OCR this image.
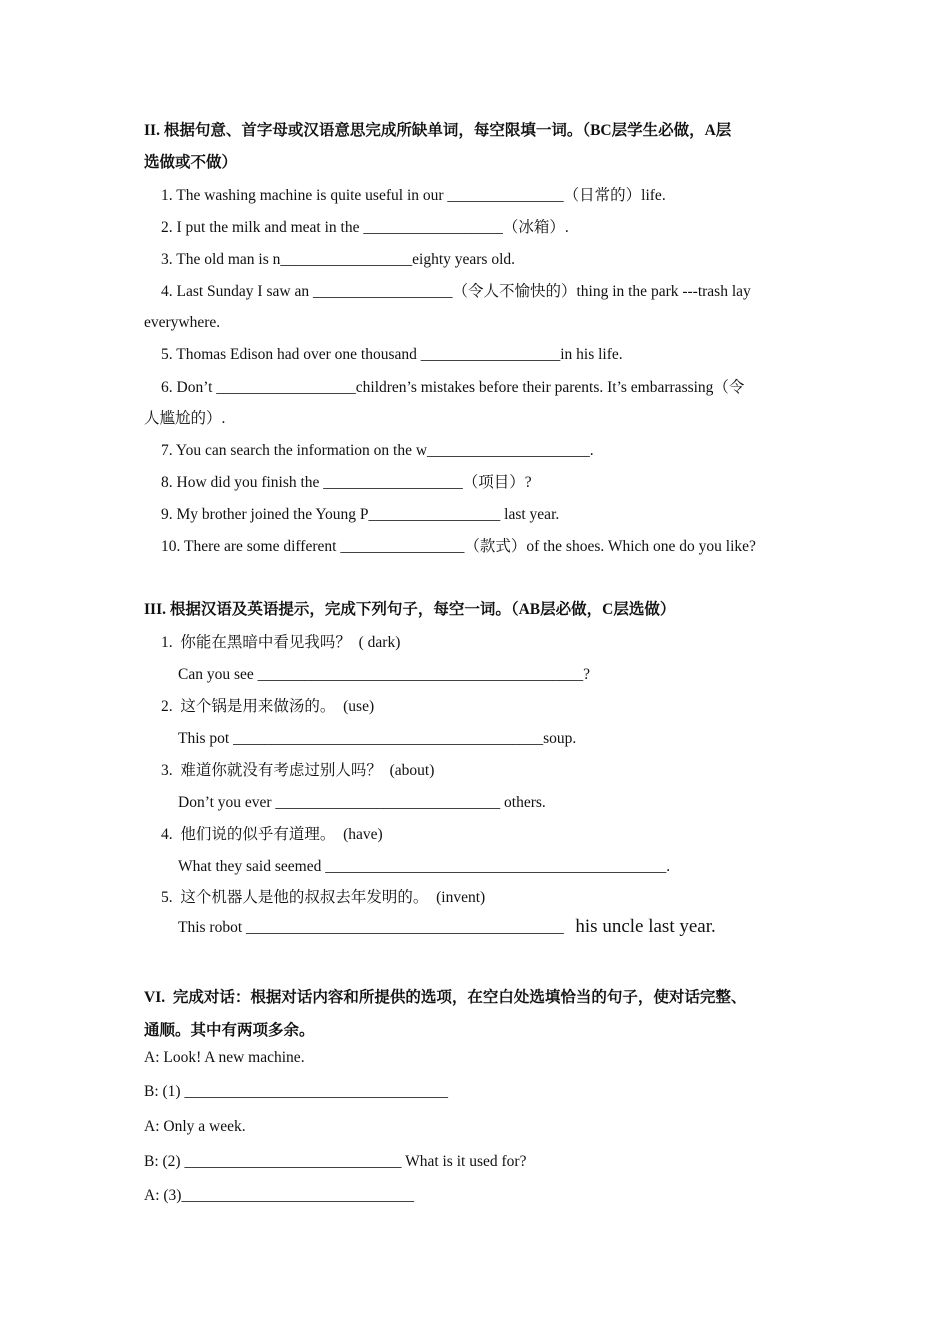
II. 根据句意、首字母或汉语意思完成所缺单词，每空限填一词。（BC层学生必做，A层
选做或不做）
1. The washing machine is quite useful in our _______________（日常的）life.
2. I put the milk and meat in the __________________（冰箱）.
3. The old man is n_________________eighty years old.
4. Last Sunday I saw an __________________（令人不愉快的）thing in the park ---trash lay
everywhere.
5. Thomas Edison had over one thousand __________________in his life.
6. Don’t __________________children’s mistakes before their parents. It’s embarrassing（令
人尴尬的）.
7. You can search the information on the w_____________________.
8. How did you finish the __________________（项目）?
9. My brother joined the Young P_________________ last year.
10. There are some different ________________（款式）of the shoes. Which one do you like?
III. 根据汉语及英语提示，完成下列句子，每空一词。（AB层必做，C层选做）
1.  你能在黑暗中看见我吗？  ( dark)
Can you see __________________________________________?
2.  这个锅是用来做汤的。  (use)
This pot ________________________________________soup.
3.  难道你就没有考虑过别人吗？  (about)
Don’t you ever _____________________________ others.
4.  他们说的似乎有道理。  (have)
What they said seemed ____________________________________________.
5.  这个机器人是他的叔叔去年发明的。  (invent)
This robot _________________________________________ his uncle last year.
VI.  完成对话：根据对话内容和所提供的选项，在空白处选填恰当的句子，使对话完整、
通顺。其中有两项多余。
A: Look! A new machine.
B: (1) __________________________________
A: Only a week.
B: (2) ____________________________ What is it used for?
A: (3)______________________________
